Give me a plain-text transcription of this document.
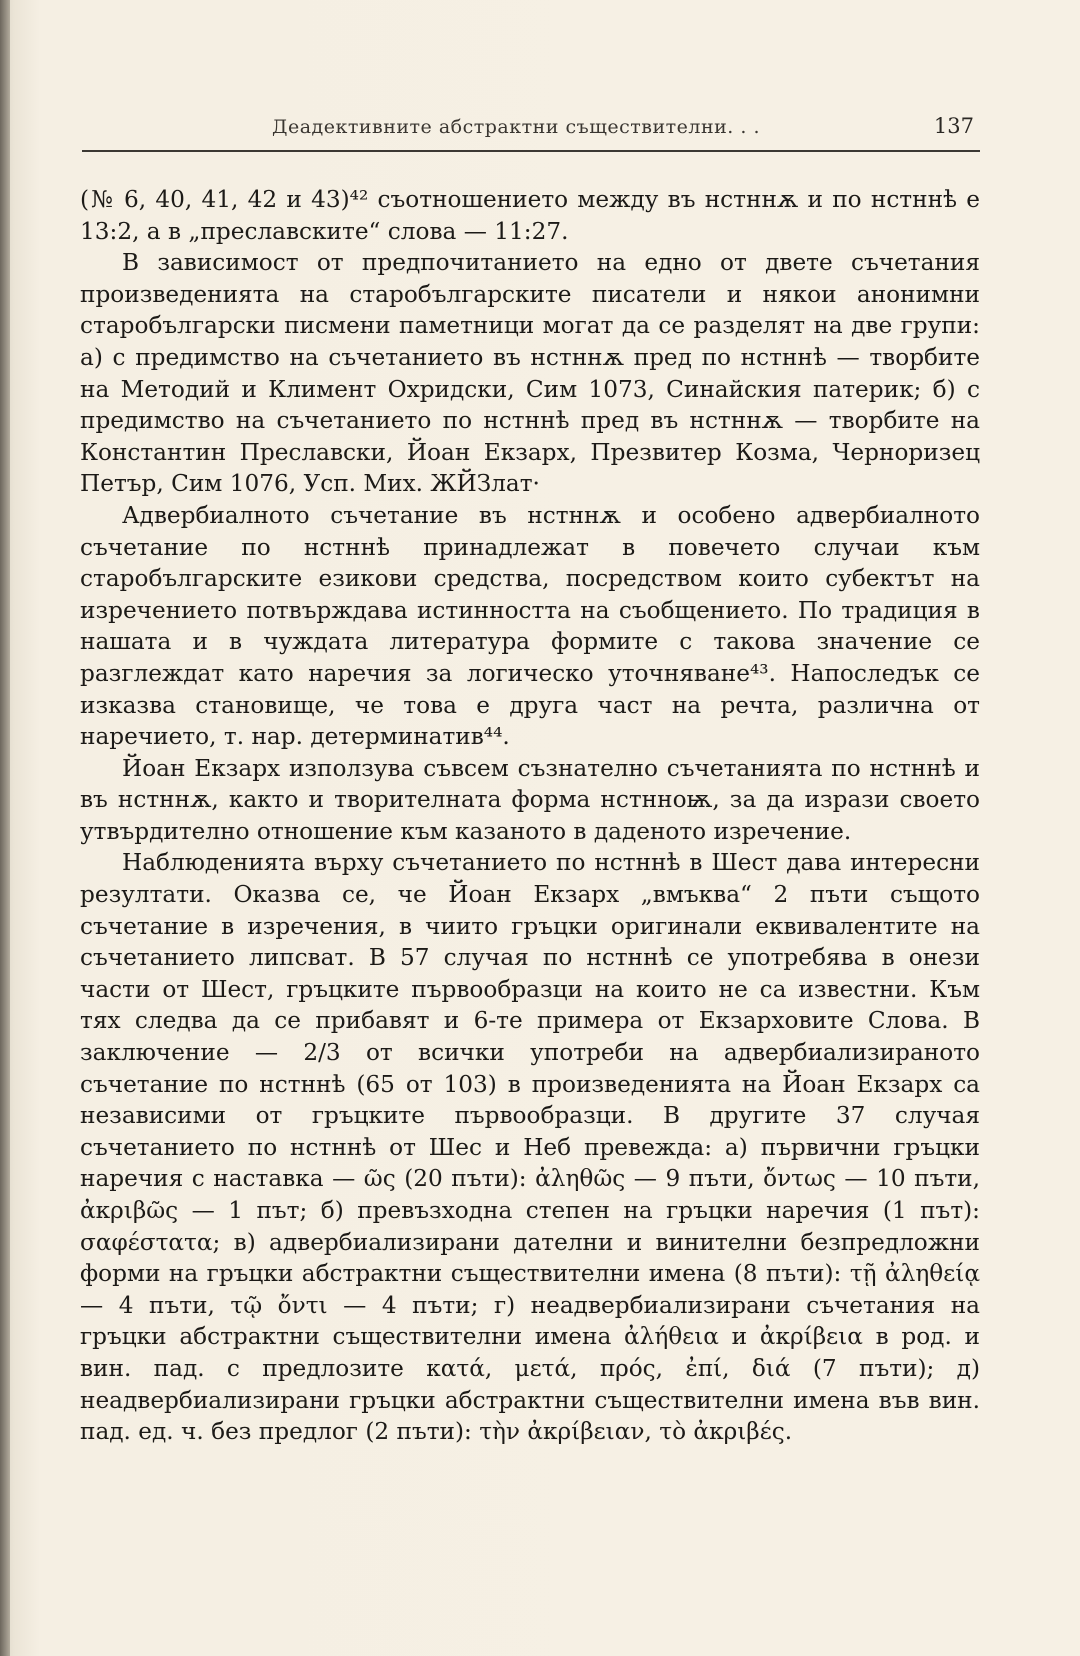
Деадективните абстрактни съществителни. . .	137

(№ 6, 40, 41, 42 и 43)⁴² съотношението между въ нстннѫ и по нстннѣ е 13:2, а в „преславските“ слова — 11:27.

В зависимост от предпочитанието на едно от двете съчетания произведенията на старобългарските писатели и някои анонимни старобългарски писмени паметници могат да се разделят на две групи: а) с предимство на съчетанието въ нстннѫ пред по нстннѣ — творбите на Методий и Климент Охридски, Сим 1073, Синайския патерик; б) с предимство на съчетанието по нстннѣ пред въ нстннѫ — творбите на Константин Преславски, Йоан Екзарх, Презвитер Козма, Черноризец Петър, Сим 1076, Усп. Мих. ЖЙЗлат·

Адвербиалното съчетание въ нстннѫ и особено адвербиалното съчетание по нстннѣ принадлежат в повечето случаи към старобългарските езикови средства, посредством които субектът на изречението потвърждава истинността на съобщението. По традиция в нашата и в чуждата литература формите с такова значение се разглеждат като наречия за логическо уточняване⁴³. Напоследък се изказва становище, че това е друга част на речта, различна от наречието, т. нар. детерминатив⁴⁴.

Йоан Екзарх използува съвсем съзнателно съчетанията по нстннѣ и въ нстннѫ, както и творителната форма нстнноѭ, за да изрази своето утвърдително отношение към казаното в даденото изречение.

Наблюденията върху съчетанието по нстннѣ в Шест дава интересни резултати. Оказва се, че Йоан Екзарх „вмъква“ 2 пъти същото съчетание в изречения, в чиито гръцки оригинали еквивалентите на съчетанието липсват. В 57 случая по нстннѣ се употребява в онези части от Шест, гръцките първообразци на които не са известни. Към тях следва да се прибавят и 6-те примера от Екзарховите Слова. В заключение — 2/3 от всички употреби на адвербиализираното съчетание по нстннѣ (65 от 103) в произведенията на Йоан Екзарх са независими от гръцките първообразци. В другите 37 случая съчетанието по нстннѣ от Шес и Неб превежда: а) първични гръцки наречия с наставка — ῶς (20 пъти): ἀληθῶς — 9 пъти, ὄντως — 10 пъти, ἀκριβῶς — 1 път; б) превъзходна степен на гръцки наречия (1 път): σαφέστατα; в) адвербиализирани дателни и винителни безпредложни форми на гръцки абстрактни съществителни имена (8 пъти): τῇ ἀληθείᾳ — 4 пъти, τῷ ὄντι — 4 пъти; г) неадвербиализирани съчетания на гръцки абстрактни съществителни имена ἀλήθεια и ἀκρίβεια в род. и вин. пад. с предлозите κατά, μετά, πρός, ἐπί, διά (7 пъти); д) неадвербиализирани гръцки абстрактни съществителни имена във вин. пад. ед. ч. без предлог (2 пъти): τὴν ἀκρίβειαν, τὸ ἀκριβές.
